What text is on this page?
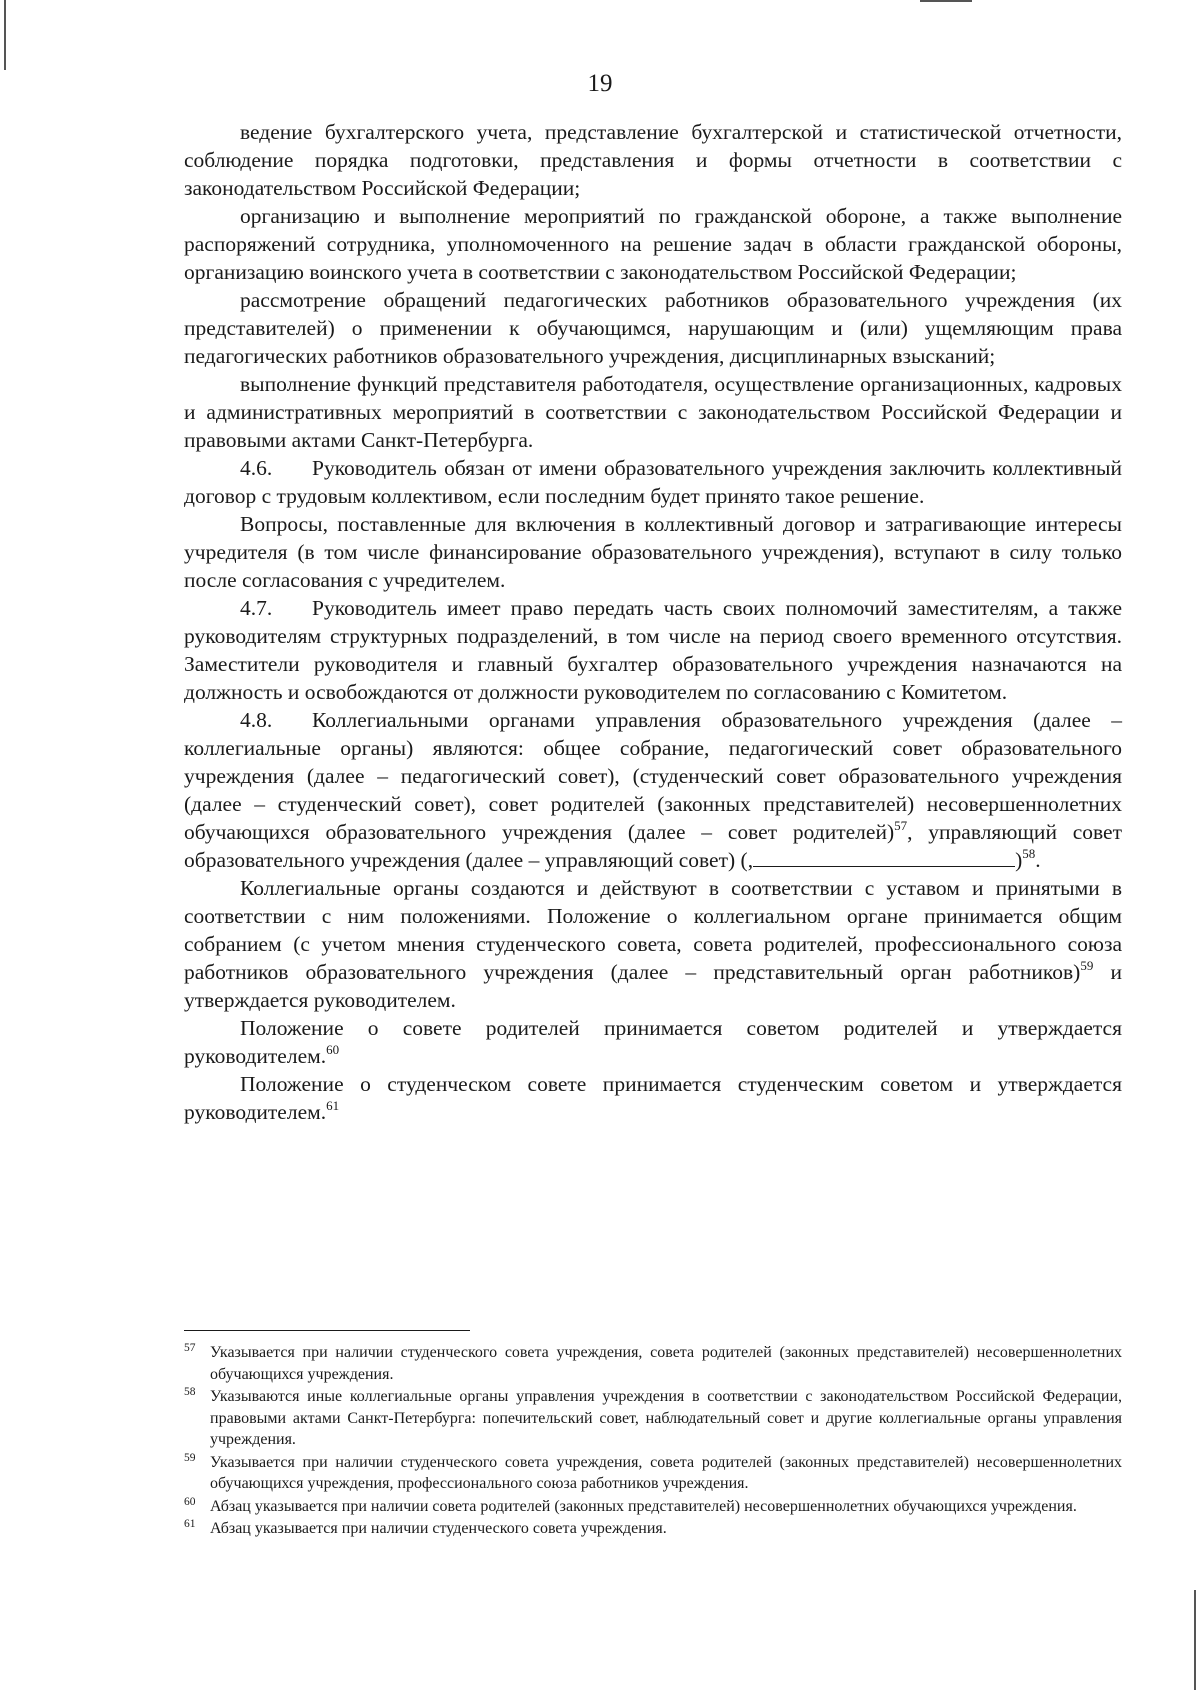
19

ведение бухгалтерского учета, представление бухгалтерской и статистической отчетности, соблюдение порядка подготовки, представления и формы отчетности в соответствии с законодательством Российской Федерации;

организацию и выполнение мероприятий по гражданской обороне, а также выполнение распоряжений сотрудника, уполномоченного на решение задач в области гражданской обороны, организацию воинского учета в соответствии с законодательством Российской Федерации;

рассмотрение обращений педагогических работников образовательного учреждения (их представителей) о применении к обучающимся, нарушающим и (или) ущемляющим права педагогических работников образовательного учреждения, дисциплинарных взысканий;

выполнение функций представителя работодателя, осуществление организационных, кадровых и административных мероприятий в соответствии с законодательством Российской Федерации и правовыми актами Санкт-Петербурга.

4.6. Руководитель обязан от имени образовательного учреждения заключить коллективный договор с трудовым коллективом, если последним будет принято такое решение.

Вопросы, поставленные для включения в коллективный договор и затрагивающие интересы учредителя (в том числе финансирование образовательного учреждения), вступают в силу только после согласования с учредителем.

4.7. Руководитель имеет право передать часть своих полномочий заместителям, а также руководителям структурных подразделений, в том числе на период своего временного отсутствия. Заместители руководителя и главный бухгалтер образовательного учреждения назначаются на должность и освобождаются от должности руководителем по согласованию с Комитетом.

4.8. Коллегиальными органами управления образовательного учреждения (далее – коллегиальные органы) являются: общее собрание, педагогический совет образовательного учреждения (далее – педагогический совет), (студенческий совет образовательного учреждения (далее – студенческий совет), совет родителей (законных представителей) несовершеннолетних обучающихся образовательного учреждения (далее – совет родителей)$^{57}$, управляющий совет образовательного учреждения (далее – управляющий совет) (,	)$^{58}$.

Коллегиальные органы создаются и действуют в соответствии с уставом и принятыми в соответствии с ним положениями. Положение о коллегиальном органе принимается общим собранием (с учетом мнения студенческого совета, совета родителей, профессионального союза работников образовательного учреждения (далее – представительный орган работников)$^{59}$ и утверждается руководителем.

Положение о совете родителей принимается советом родителей и утверждается руководителем.$^{60}$

Положение о студенческом совете принимается студенческим советом и утверждается руководителем.$^{61}$

57 Указывается при наличии студенческого совета учреждения, совета родителей (законных представителей) несовершеннолетних обучающихся учреждения.

58 Указываются иные коллегиальные органы управления учреждения в соответствии с законодательством Российской Федерации, правовыми актами Санкт-Петербурга: попечительский совет, наблюдательный совет и другие коллегиальные органы управления учреждения.

59 Указывается при наличии студенческого совета учреждения, совета родителей (законных представителей) несовершеннолетних обучающихся учреждения, профессионального союза работников учреждения.

60 Абзац указывается при наличии совета родителей (законных представителей) несовершеннолетних обучающихся учреждения.

61 Абзац указывается при наличии студенческого совета учреждения.
